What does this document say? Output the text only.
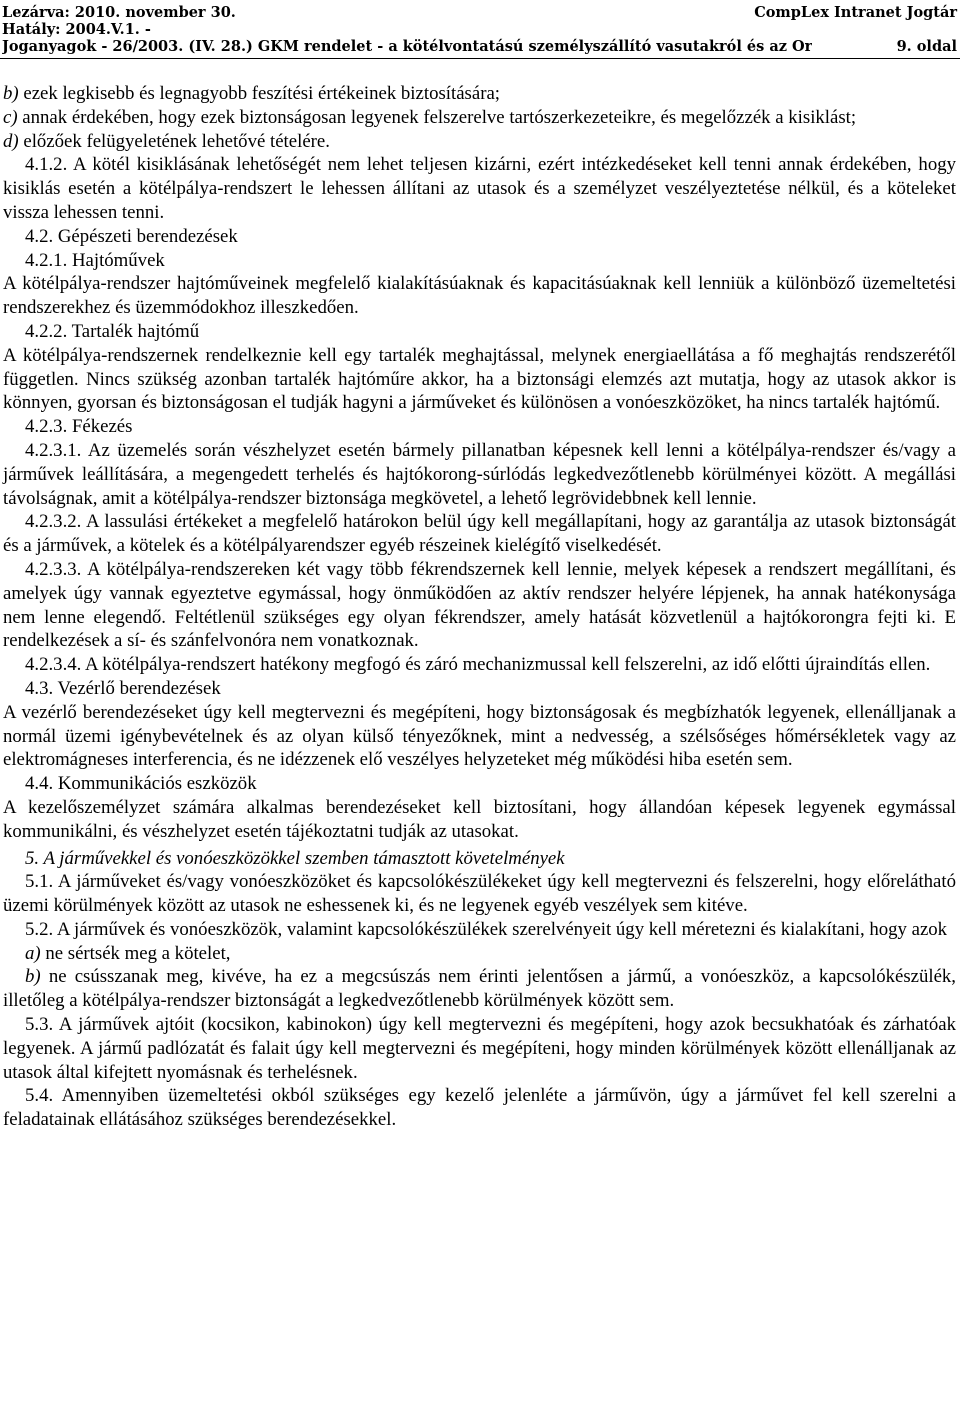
Lezárva: 2010. november 30.	CompLex Intranet Jogtár
Hatály: 2004.V.1. -
Joganyagok - 26/2003. (IV. 28.) GKM rendelet - a kötélvontatású személyszállító vasutakról és az Or	9. oldal

b) ezek legkisebb és legnagyobb feszítési értékeinek biztosítására;

c) annak érdekében, hogy ezek biztonságosan legyenek felszerelve tartószerkezeteikre, és megelőzzék a kisiklást;

d) előzőek felügyeletének lehetővé tételére.

4.1.2. A kötél kisiklásának lehetőségét nem lehet teljesen kizárni, ezért intézkedéseket kell tenni annak érdekében, hogy kisiklás esetén a kötélpálya-rendszert le lehessen állítani az utasok és a személyzet veszélyeztetése nélkül, és a köteleket vissza lehessen tenni.

4.2. Gépészeti berendezések

4.2.1. Hajtóművek

A kötélpálya-rendszer hajtóműveinek megfelelő kialakításúaknak és kapacitásúaknak kell lenniük a különböző üzemeltetési rendszerekhez és üzemmódokhoz illeszkedően.

4.2.2. Tartalék hajtómű

A kötélpálya-rendszernek rendelkeznie kell egy tartalék meghajtással, melynek energiaellátása a fő meghajtás rendszerétől független. Nincs szükség azonban tartalék hajtóműre akkor, ha a biztonsági elemzés azt mutatja, hogy az utasok akkor is könnyen, gyorsan és biztonságosan el tudják hagyni a járműveket és különösen a vonóeszközöket, ha nincs tartalék hajtómű.

4.2.3. Fékezés

4.2.3.1. Az üzemelés során vészhelyzet esetén bármely pillanatban képesnek kell lenni a kötélpálya-rendszer és/vagy a járművek leállítására, a megengedett terhelés és hajtókorong-súrlódás legkedvezőtlenebb körülményei között. A megállási távolságnak, amit a kötélpálya-rendszer biztonsága megkövetel, a lehető legrövidebbnek kell lennie.

4.2.3.2. A lassulási értékeket a megfelelő határokon belül úgy kell megállapítani, hogy az garantálja az utasok biztonságát és a járművek, a kötelek és a kötélpályarendszer egyéb részeinek kielégítő viselkedését.

4.2.3.3. A kötélpálya-rendszereken két vagy több fékrendszernek kell lennie, melyek képesek a rendszert megállítani, és amelyek úgy vannak egyeztetve egymással, hogy önműködően az aktív rendszer helyére lépjenek, ha annak hatékonysága nem lenne elegendő. Feltétlenül szükséges egy olyan fékrendszer, amely hatását közvetlenül a hajtókorongra fejti ki. E rendelkezések a sí- és szánfelvonóra nem vonatkoznak.

4.2.3.4. A kötélpálya-rendszert hatékony megfogó és záró mechanizmussal kell felszerelni, az idő előtti újraindítás ellen.

4.3. Vezérlő berendezések

A vezérlő berendezéseket úgy kell megtervezni és megépíteni, hogy biztonságosak és megbízhatók legyenek, ellenálljanak a normál üzemi igénybevételnek és az olyan külső tényezőknek, mint a nedvesség, a szélsőséges hőmérsékletek vagy az elektromágneses interferencia, és ne idézzenek elő veszélyes helyzeteket még működési hiba esetén sem.

4.4. Kommunikációs eszközök

A kezelőszemélyzet számára alkalmas berendezéseket kell biztosítani, hogy állandóan képesek legyenek egymással kommunikálni, és vészhelyzet esetén tájékoztatni tudják az utasokat.

5. A járművekkel és vonóeszközökkel szemben támasztott követelmények

5.1. A járműveket és/vagy vonóeszközöket és kapcsolókészülékeket úgy kell megtervezni és felszerelni, hogy előrelátható üzemi körülmények között az utasok ne eshessenek ki, és ne legyenek egyéb veszélyek sem kitéve.

5.2. A járművek és vonóeszközök, valamint kapcsolókészülékek szerelvényeit úgy kell méretezni és kialakítani, hogy azok

a) ne sértsék meg a kötelet,

b) ne csússzanak meg, kivéve, ha ez a megcsúszás nem érinti jelentősen a jármű, a vonóeszköz, a kapcsolókészülék, illetőleg a kötélpálya-rendszer biztonságát a legkedvezőtlenebb körülmények között sem.

5.3. A járművek ajtóit (kocsikon, kabinokon) úgy kell megtervezni és megépíteni, hogy azok becsukhatóak és zárhatóak legyenek. A jármű padlózatát és falait úgy kell megtervezni és megépíteni, hogy minden körülmények között ellenálljanak az utasok által kifejtett nyomásnak és terhelésnek.

5.4. Amennyiben üzemeltetési okból szükséges egy kezelő jelenléte a járművön, úgy a járművet fel kell szerelni a feladatainak ellátásához szükséges berendezésekkel.
